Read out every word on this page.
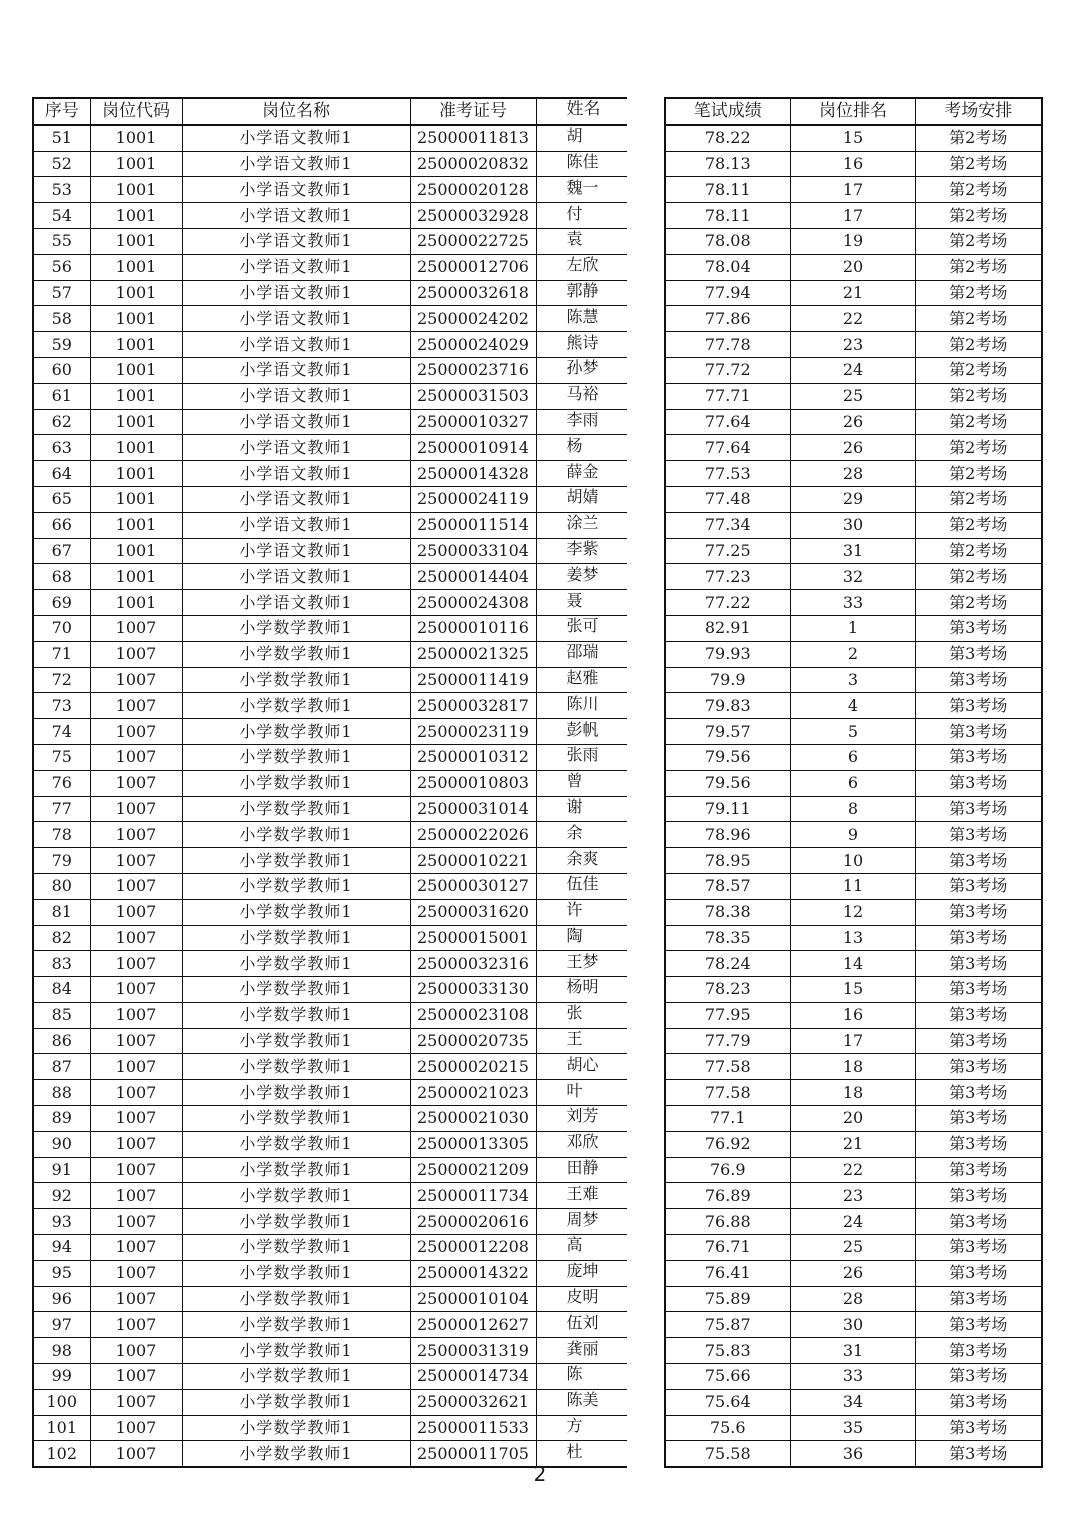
序号	岗位代码	岗位名称	准考证号	姓名		笔试成绩	岗位排名	考场安排
51	1001	小学语文教师1	25000011813	胡		78.22	15	第2考场
52	1001	小学语文教师1	25000020832	陈佳		78.13	16	第2考场
53	1001	小学语文教师1	25000020128	魏一		78.11	17	第2考场
54	1001	小学语文教师1	25000032928	付		78.11	17	第2考场
55	1001	小学语文教师1	25000022725	袁		78.08	19	第2考场
56	1001	小学语文教师1	25000012706	左欣		78.04	20	第2考场
57	1001	小学语文教师1	25000032618	郭静		77.94	21	第2考场
58	1001	小学语文教师1	25000024202	陈慧		77.86	22	第2考场
59	1001	小学语文教师1	25000024029	熊诗		77.78	23	第2考场
60	1001	小学语文教师1	25000023716	孙梦		77.72	24	第2考场
61	1001	小学语文教师1	25000031503	马裕		77.71	25	第2考场
62	1001	小学语文教师1	25000010327	李雨		77.64	26	第2考场
63	1001	小学语文教师1	25000010914	杨		77.64	26	第2考场
64	1001	小学语文教师1	25000014328	薛金		77.53	28	第2考场
65	1001	小学语文教师1	25000024119	胡婧		77.48	29	第2考场
66	1001	小学语文教师1	25000011514	涂兰		77.34	30	第2考场
67	1001	小学语文教师1	25000033104	李紫		77.25	31	第2考场
68	1001	小学语文教师1	25000014404	姜梦		77.23	32	第2考场
69	1001	小学语文教师1	25000024308	聂		77.22	33	第2考场
70	1007	小学数学教师1	25000010116	张可		82.91	1	第3考场
71	1007	小学数学教师1	25000021325	邵瑞		79.93	2	第3考场
72	1007	小学数学教师1	25000011419	赵雅		79.9	3	第3考场
73	1007	小学数学教师1	25000032817	陈川		79.83	4	第3考场
74	1007	小学数学教师1	25000023119	彭帆		79.57	5	第3考场
75	1007	小学数学教师1	25000010312	张雨		79.56	6	第3考场
76	1007	小学数学教师1	25000010803	曾		79.56	6	第3考场
77	1007	小学数学教师1	25000031014	谢		79.11	8	第3考场
78	1007	小学数学教师1	25000022026	余		78.96	9	第3考场
79	1007	小学数学教师1	25000010221	余爽		78.95	10	第3考场
80	1007	小学数学教师1	25000030127	伍佳		78.57	11	第3考场
81	1007	小学数学教师1	25000031620	许		78.38	12	第3考场
82	1007	小学数学教师1	25000015001	陶		78.35	13	第3考场
83	1007	小学数学教师1	25000032316	王梦		78.24	14	第3考场
84	1007	小学数学教师1	25000033130	杨明		78.23	15	第3考场
85	1007	小学数学教师1	25000023108	张		77.95	16	第3考场
86	1007	小学数学教师1	25000020735	王		77.79	17	第3考场
87	1007	小学数学教师1	25000020215	胡心		77.58	18	第3考场
88	1007	小学数学教师1	25000021023	叶		77.58	18	第3考场
89	1007	小学数学教师1	25000021030	刘芳		77.1	20	第3考场
90	1007	小学数学教师1	25000013305	邓欣		76.92	21	第3考场
91	1007	小学数学教师1	25000021209	田静		76.9	22	第3考场
92	1007	小学数学教师1	25000011734	王难		76.89	23	第3考场
93	1007	小学数学教师1	25000020616	周梦		76.88	24	第3考场
94	1007	小学数学教师1	25000012208	高		76.71	25	第3考场
95	1007	小学数学教师1	25000014322	庞坤		76.41	26	第3考场
96	1007	小学数学教师1	25000010104	皮明		75.89	28	第3考场
97	1007	小学数学教师1	25000012627	伍刘		75.87	30	第3考场
98	1007	小学数学教师1	25000031319	龚丽		75.83	31	第3考场
99	1007	小学数学教师1	25000014734	陈		75.66	33	第3考场
100	1007	小学数学教师1	25000032621	陈美		75.64	34	第3考场
101	1007	小学数学教师1	25000011533	方		75.6	35	第3考场
102	1007	小学数学教师1	25000011705	杜		75.58	36	第3考场
2
